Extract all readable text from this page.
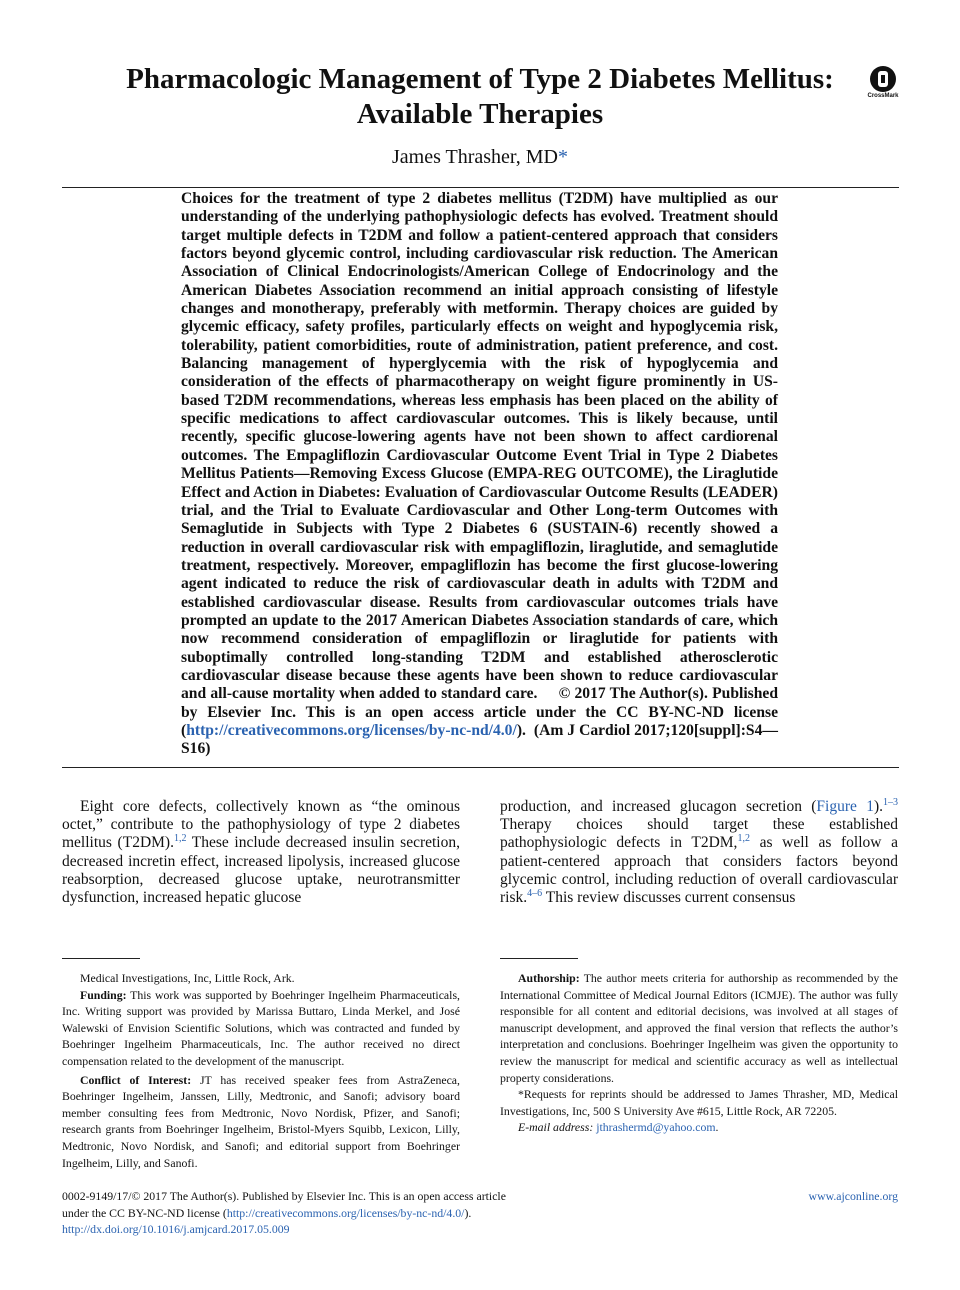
Pharmacologic Management of Type 2 Diabetes Mellitus:
Available Therapies
CrossMark
James Thrasher, MD*
Choices for the treatment of type 2 diabetes mellitus (T2DM) have multiplied as our understanding of the underlying pathophysiologic defects has evolved. Treatment should target multiple defects in T2DM and follow a patient-centered approach that considers factors beyond glycemic control, including cardiovascular risk reduction. The American Association of Clinical Endocrinologists/American College of Endocrinology and the American Diabetes Association recommend an initial approach consisting of lifestyle changes and monotherapy, preferably with metformin. Therapy choices are guided by glycemic efficacy, safety profiles, particularly effects on weight and hypoglycemia risk, tolerability, patient comorbidities, route of administration, patient preference, and cost. Balancing management of hyperglycemia with the risk of hypoglycemia and consideration of the effects of pharmacotherapy on weight figure prominently in US-based T2DM recommendations, whereas less emphasis has been placed on the ability of specific medications to affect cardiovascular outcomes. This is likely because, until recently, specific glucose-lowering agents have not been shown to affect cardiorenal outcomes. The Empagliflozin Cardiovascular Outcome Event Trial in Type 2 Diabetes Mellitus Patients—Removing Excess Glucose (EMPA-REG OUTCOME), the Liraglutide Effect and Action in Diabetes: Evaluation of Cardiovascular Outcome Results (LEADER) trial, and the Trial to Evaluate Cardiovascular and Other Long-term Outcomes with Semaglutide in Subjects with Type 2 Diabetes 6 (SUSTAIN-6) recently showed a reduction in overall cardiovascular risk with empagliflozin, liraglutide, and semaglutide treatment, respectively. Moreover, empagliflozin has become the first glucose-lowering agent indicated to reduce the risk of cardiovascular death in adults with T2DM and established cardiovascular disease. Results from cardiovascular outcomes trials have prompted an update to the 2017 American Diabetes Association standards of care, which now recommend consideration of empagliflozin or liraglutide for patients with suboptimally controlled long-standing T2DM and established atherosclerotic cardiovascular disease because these agents have been shown to reduce cardiovascular and all-cause mortality when added to standard care. © 2017 The Author(s). Published by Elsevier Inc. This is an open access article under the CC BY-NC-ND license (http://creativecommons.org/licenses/by-nc-nd/4.0/). (Am J Cardiol 2017;120[suppl]:S4—S16)
Eight core defects, collectively known as “the ominous octet,” contribute to the pathophysiology of type 2 diabetes mellitus (T2DM).$^{1,2}$ These include decreased insulin secretion, decreased incretin effect, increased lipolysis, increased glucose reabsorption, decreased glucose uptake, neurotransmitter dysfunction, increased hepatic glucose
production, and increased glucagon secretion (Figure 1).$^{1-3}$ Therapy choices should target these established pathophysiologic defects in T2DM,$^{1,2}$ as well as follow a patient-centered approach that considers factors beyond glycemic control, including reduction of overall cardiovascular risk.$^{4-6}$ This review discusses current consensus

Medical Investigations, Inc, Little Rock, Ark.

Funding: This work was supported by Boehringer Ingelheim Pharmaceuticals, Inc. Writing support was provided by Marissa Buttaro, Linda Merkel, and José Walewski of Envision Scientific Solutions, which was contracted and funded by Boehringer Ingelheim Pharmaceuticals, Inc. The author received no direct compensation related to the development of the manuscript.

Conflict of Interest: JT has received speaker fees from AstraZeneca, Boehringer Ingelheim, Janssen, Lilly, Medtronic, and Sanofi; advisory board member consulting fees from Medtronic, Novo Nordisk, Pfizer, and Sanofi; research grants from Boehringer Ingelheim, Bristol-Myers Squibb, Lexicon, Lilly, Medtronic, Novo Nordisk, and Sanofi; and editorial support from Boehringer Ingelheim, Lilly, and Sanofi.

Authorship: The author meets criteria for authorship as recommended by the International Committee of Medical Journal Editors (ICMJE). The author was fully responsible for all content and editorial decisions, was involved at all stages of manuscript development, and approved the final version that reflects the author’s interpretation and conclusions. Boehringer Ingelheim was given the opportunity to review the manuscript for medical and scientific accuracy as well as intellectual property considerations.

*Requests for reprints should be addressed to James Thrasher, MD, Medical Investigations, Inc, 500 S University Ave #615, Little Rock, AR 72205.

E-mail address: jthrashermd@yahoo.com.

0002-9149/17/© 2017 The Author(s). Published by Elsevier Inc. This is an open access article
under the CC BY-NC-ND license (http://creativecommons.org/licenses/by-nc-nd/4.0/).
http://dx.doi.org/10.1016/j.amjcard.2017.05.009
www.ajconline.org
